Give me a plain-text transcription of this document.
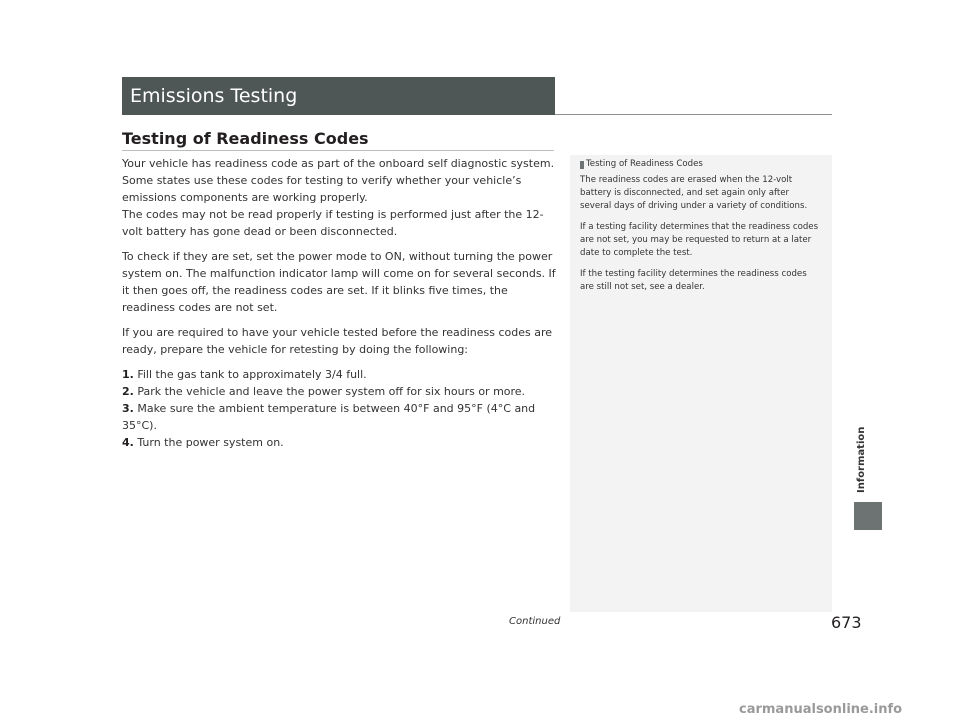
Emissions Testing
Testing of Readiness Codes

Your vehicle has readiness code as part of the onboard self diagnostic system. Some states use these codes for testing to verify whether your vehicle’s emissions components are working properly.
The codes may not be read properly if testing is performed just after the 12-volt battery has gone dead or been disconnected.

To check if they are set, set the power mode to ON, without turning the power system on. The malfunction indicator lamp will come on for several seconds. If it then goes off, the readiness codes are set. If it blinks five times, the readiness codes are not set.

If you are required to have your vehicle tested before the readiness codes are ready, prepare the vehicle for retesting by doing the following:

1. Fill the gas tank to approximately 3/4 full.
2. Park the vehicle and leave the power system off for six hours or more.
3. Make sure the ambient temperature is between 40°F and 95°F (4°C and 35°C).
4. Turn the power system on.
Testing of Readiness Codes

The readiness codes are erased when the 12-volt battery is disconnected, and set again only after several days of driving under a variety of conditions.

If a testing facility determines that the readiness codes are not set, you may be requested to return at a later date to complete the test.

If the testing facility determines the readiness codes are still not set, see a dealer.

Information
Continued	673
carmanualsonline.info
